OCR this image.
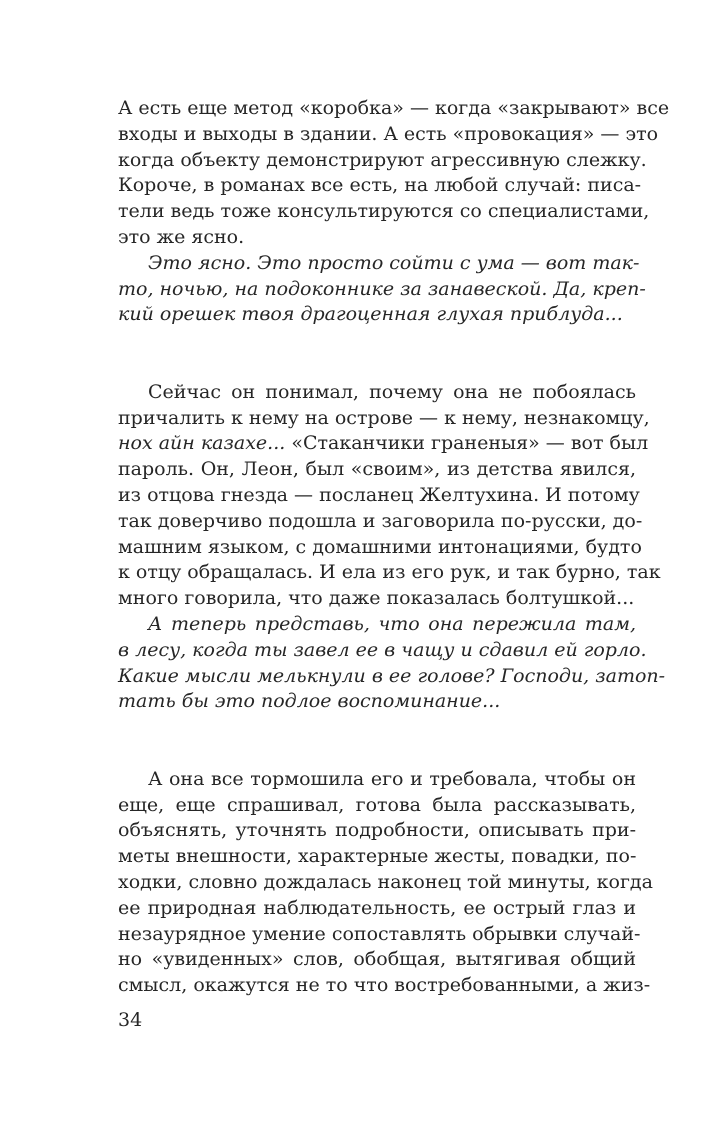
А есть еще метод «коробка» — когда «закрывают» все
входы и выходы в здании. А есть «провокация» — это
когда объекту демонстрируют агрессивную слежку.
Короче, в романах все есть, на любой случай: писа-
тели ведь тоже консультируются со специалистами,
это же ясно.
Это ясно. Это просто сойти с ума — вот так-
то, ночью, на подоконнике за занавеской. Да, креп-
кий орешек твоя драгоценная глухая приблуда...
Сейчас он понимал, почему она не побоялась
причалить к нему на острове — к нему, незнакомцу,
нох айн казахе... «Стаканчики граненыя» — вот был
пароль. Он, Леон, был «своим», из детства явился,
из отцова гнезда — посланец Желтухина. И потому
так доверчиво подошла и заговорила по-русски, до-
машним языком, с домашними интонациями, будто
к отцу обращалась. И ела из его рук, и так бурно, так
много говорила, что даже показалась болтушкой...
А теперь представь, что она пережила там,
в лесу, когда ты завел ее в чащу и сдавил ей горло.
Какие мысли мелькнули в ее голове? Господи, затоп-
тать бы это подлое воспоминание...
А она все тормошила его и требовала, чтобы он
еще, еще спрашивал, готова была рассказывать,
объяснять, уточнять подробности, описывать при-
меты внешности, характерные жесты, повадки, по-
ходки, словно дождалась наконец той минуты, когда
ее природная наблюдательность, ее острый глаз и
незаурядное умение сопоставлять обрывки случай-
но «увиденных» слов, обобщая, вытягивая общий
смысл, окажутся не то что востребованными, а жиз-
34
